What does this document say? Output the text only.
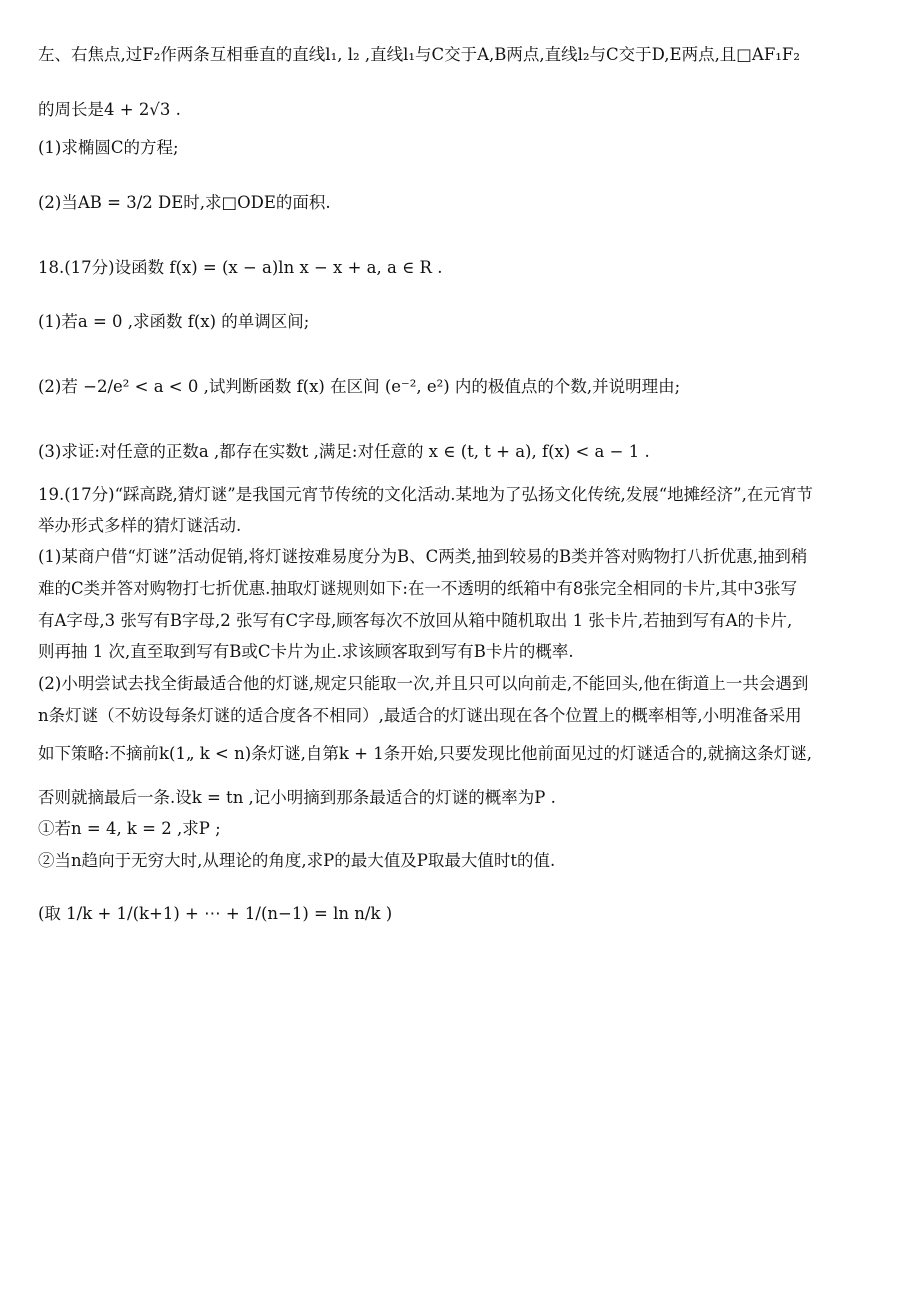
左、右焦点,过F₂作两条互相垂直的直线l₁, l₂ ,直线l₁与C交于A,B两点,直线l₂与C交于D,E两点,且□AF₁F₂
的周长是4 + 2√3 .
(1)求椭圆C的方程;
(2)当AB = 3/2 DE时,求□ODE的面积.
18.(17分)设函数 f(x) = (x − a)ln x − x + a, a ∈ R .
(1)若a = 0 ,求函数 f(x) 的单调区间;
(2)若 −2/e² < a < 0 ,试判断函数 f(x) 在区间 (e⁻², e²) 内的极值点的个数,并说明理由;
(3)求证:对任意的正数a ,都存在实数t ,满足:对任意的 x ∈ (t, t + a), f(x) < a − 1 .
19.(17分)“踩高跷,猜灯谜”是我国元宵节传统的文化活动.某地为了弘扬文化传统,发展“地摊经济”,在元宵节
举办形式多样的猜灯谜活动.
(1)某商户借“灯谜”活动促销,将灯谜按难易度分为B、C两类,抽到较易的B类并答对购物打八折优惠,抽到稍
难的C类并答对购物打七折优惠.抽取灯谜规则如下:在一不透明的纸箱中有8张完全相同的卡片,其中3张写
有A字母,3 张写有B字母,2 张写有C字母,顾客每次不放回从箱中随机取出 1 张卡片,若抽到写有A的卡片,
则再抽 1 次,直至取到写有B或C卡片为止.求该顾客取到写有B卡片的概率.
(2)小明尝试去找全街最适合他的灯谜,规定只能取一次,并且只可以向前走,不能回头,他在街道上一共会遇到
n条灯谜（不妨设每条灯谜的适合度各不相同）,最适合的灯谜出现在各个位置上的概率相等,小明准备采用
如下策略:不摘前k(1„ k < n)条灯谜,自第k + 1条开始,只要发现比他前面见过的灯谜适合的,就摘这条灯谜,
否则就摘最后一条.设k = tn ,记小明摘到那条最适合的灯谜的概率为P .
①若n = 4, k = 2 ,求P ;
②当n趋向于无穷大时,从理论的角度,求P的最大值及P取最大值时t的值.
(取 1/k + 1/(k+1) + ⋯ + 1/(n−1) = ln n/k )
